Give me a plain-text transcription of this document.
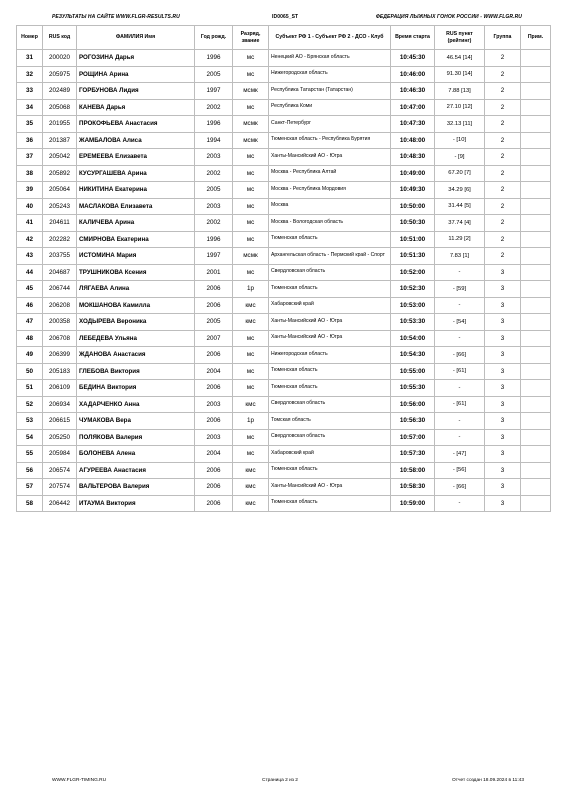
РЕЗУЛЬТАТЫ НА САЙТЕ WWW.FLGR-RESULTS.RU	ID0065_ST	ФЕДЕРАЦИЯ ЛЫЖНЫХ ГОНОК РОССИИ - WWW.FLGR.RU
Номер	RUS код	ФАМИЛИЯ Имя	Год рожд.	Разряд, звание	Субъект РФ 1 - Субъект РФ 2 - ДСО - Клуб	Время старта	RUS пункт (рейтинг)	Группа	Прим.
31	200020	РОГОЗИНА Дарья	1996	мс	Ненецкий АО - Брянская область	10:45:30	46.54 [14]	2	
32	205975	РОЩИНА Арина	2005	мс	Нижегородская область	10:46:00	91.30 [14]	2	
33	202489	ГОРБУНОВА Лидия	1997	мсмк	Республика Татарстан (Татарстан)	10:46:30	7.88 [13]	2	
34	205068	КАНЕВА Дарья	2002	мс	Республика Коми	10:47:00	27.10 [12]	2	
35	201955	ПРОКОФЬЕВА Анастасия	1996	мсмк	Санкт-Петербург	10:47:30	32.13 [11]	2	
36	201387	ЖАМБАЛОВА Алиса	1994	мсмк	Тюменская область - Республика Бурятия	10:48:00	- [10]	2	
37	205042	ЕРЕМЕЕВА Елизавета	2003	мс	Ханты-Мансийский АО - Югра	10:48:30	- [9]	2	
38	205892	КУСУРГАШЕВА Арина	2002	мс	Москва - Республика Алтай	10:49:00	67.20 [7]	2	
39	205064	НИКИТИНА Екатерина	2005	мс	Москва - Республика Мордовия	10:49:30	34.29 [6]	2	
40	205243	МАСЛАКОВА Елизавета	2003	мс	Москва	10:50:00	31.44 [5]	2	
41	204611	КАЛИЧЕВА Арина	2002	мс	Москва - Вологодская область	10:50:30	37.74 [4]	2	
42	202282	СМИРНОВА Екатерина	1996	мс	Тюменская область	10:51:00	11.29 [2]	2	
43	203755	ИСТОМИНА Мария	1997	мсмк	Архангельская область - Пермский край - Спорт	10:51:30	7.83 [1]	2	
44	204687	ТРУШНИКОВА Ксения	2001	мс	Свердловская область	10:52:00	-	3	
45	206744	ЛЯГАЕВА Алина	2006	1р	Тюменская область	10:52:30	- [59]	3	
46	206208	МОКШАНОВА Камилла	2006	кмс	Хабаровский край	10:53:00	-	3	
47	200358	ХОДЫРЕВА Вероника	2005	кмс	Ханты-Мансийский АО - Югра	10:53:30	- [54]	3	
48	206708	ЛЕБЕДЕВА Ульяна	2007	мс	Ханты-Мансийский АО - Югра	10:54:00	-	3	
49	206399	ЖДАНОВА Анастасия	2006	мс	Нижегородская область	10:54:30	- [66]	3	
50	205183	ГЛЕБОВА Виктория	2004	мс	Тюменская область	10:55:00	- [61]	3	
51	206109	БЕДИНА Виктория	2006	мс	Тюменская область	10:55:30	-	3	
52	206934	ХАДАРЧЕНКО Анна	2003	кмс	Свердловская область	10:56:00	- [61]	3	
53	206615	ЧУМАКОВА Вера	2006	1р	Томская область	10:56:30	-	3	
54	205250	ПОЛЯКОВА Валерия	2003	мс	Свердловская область	10:57:00	-	3	
55	205984	БОЛОНЕВА Алена	2004	мс	Хабаровский край	10:57:30	- [47]	3	
56	206574	АГУРЕЕВА Анастасия	2006	кмс	Тюменская область	10:58:00	- [56]	3	
57	207574	ВАЛЬТЕРОВА Валерия	2006	кмс	Ханты-Мансийский АО - Югра	10:58:30	- [66]	3	
58	206442	ИТАУМА Виктория	2006	кмс	Тюменская область	10:59:00	-	3	
WWW.FLGR-TIMING.RU	Страница 2 из 2	Отчет создан 18.09.2024 в 11:43
